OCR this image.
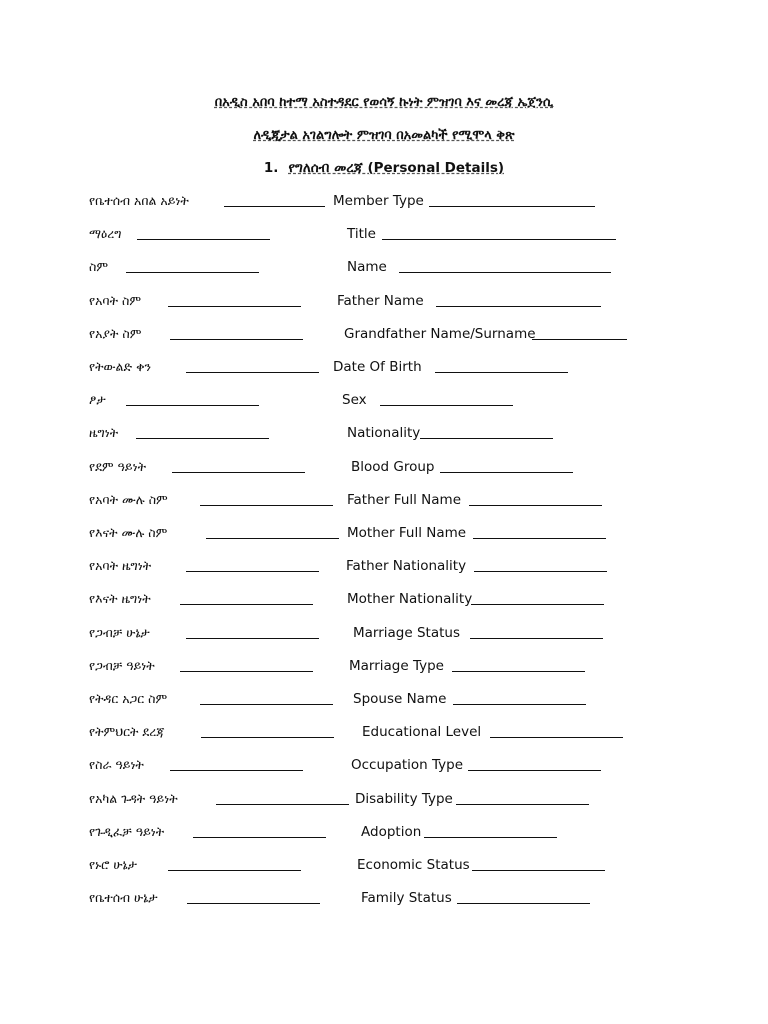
በአዲስ አበባ ከተማ አስተዳደር የወሳኝ ኩነት ምዝገባ እና መረጃ ኤጀንሲ
ለዲጂታል አገልግሎት ምዝገባ በአመልካች የሚሞላ ቅጽ
1. የግለሰብ መረጃ (Personal Details)
የቤተሰብ አበል አይነት	Member Type
ማዕረግ	Title
ስም	Name
የአባት ስም	Father Name
የአያት ስም	Grandfather Name/Surname
የትውልድ ቀን	Date Of Birth
ፆታ	Sex
ዜግነት	Nationality
የደም ዓይነት	Blood Group
የአባት ሙሉ ስም	Father Full Name
የእናት ሙሉ ስም	Mother Full Name
የአባት ዜግነት	Father Nationality
የእናት ዜግነት	Mother Nationality
የጋብቻ ሁኔታ	Marriage Status
የጋብቻ ዓይነት	Marriage Type
የትዳር አጋር ስም	Spouse Name
የትምህርት ደረጃ	Educational Level
የስራ ዓይነት	Occupation Type
የአካል ጉዳት ዓይነት	Disability Type
የጉዲፈቻ ዓይነት	Adoption
የኑሮ ሁኔታ	Economic Status
የቤተሰብ ሁኔታ	Family Status
